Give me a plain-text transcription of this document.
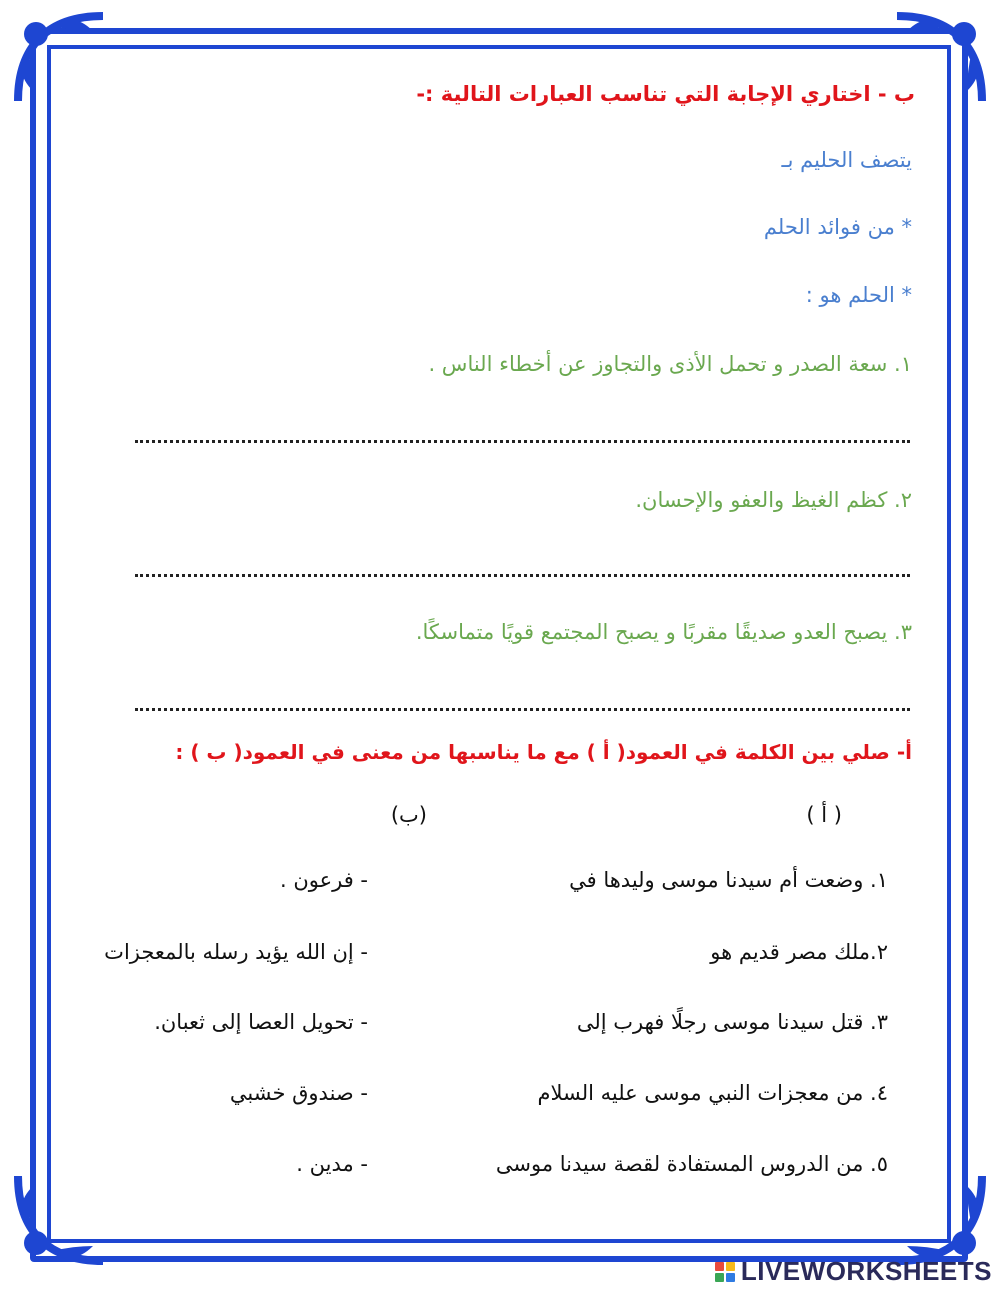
ب - اختاري الإجابة التي تناسب العبارات التالية :-
يتصف الحليم بـ
* من فوائد الحلم
* الحلم هو :
١. سعة الصدر و تحمل الأذى والتجاوز عن أخطاء الناس .
٢. كظم الغيظ والعفو والإحسان.
٣. يصبح العدو صديقًا مقربًا و يصبح المجتمع قويًا متماسكًا.
أ- صلي بين الكلمة في العمود( أ ) مع ما يناسبها من معنى في العمود( ب ) :
( أ )
(ب)
١. وضعت أم سيدنا موسى وليدها في
٢.ملك مصر قديم هو
٣. قتل سيدنا موسى رجلًا فهرب إلى
٤. من معجزات النبي موسى عليه السلام
٥. من الدروس المستفادة لقصة سيدنا موسى
- فرعون .
- إن الله يؤيد رسله بالمعجزات
- تحويل العصا إلى ثعبان.
- صندوق خشبي
- مدين .
LIVEWORKSHEETS
